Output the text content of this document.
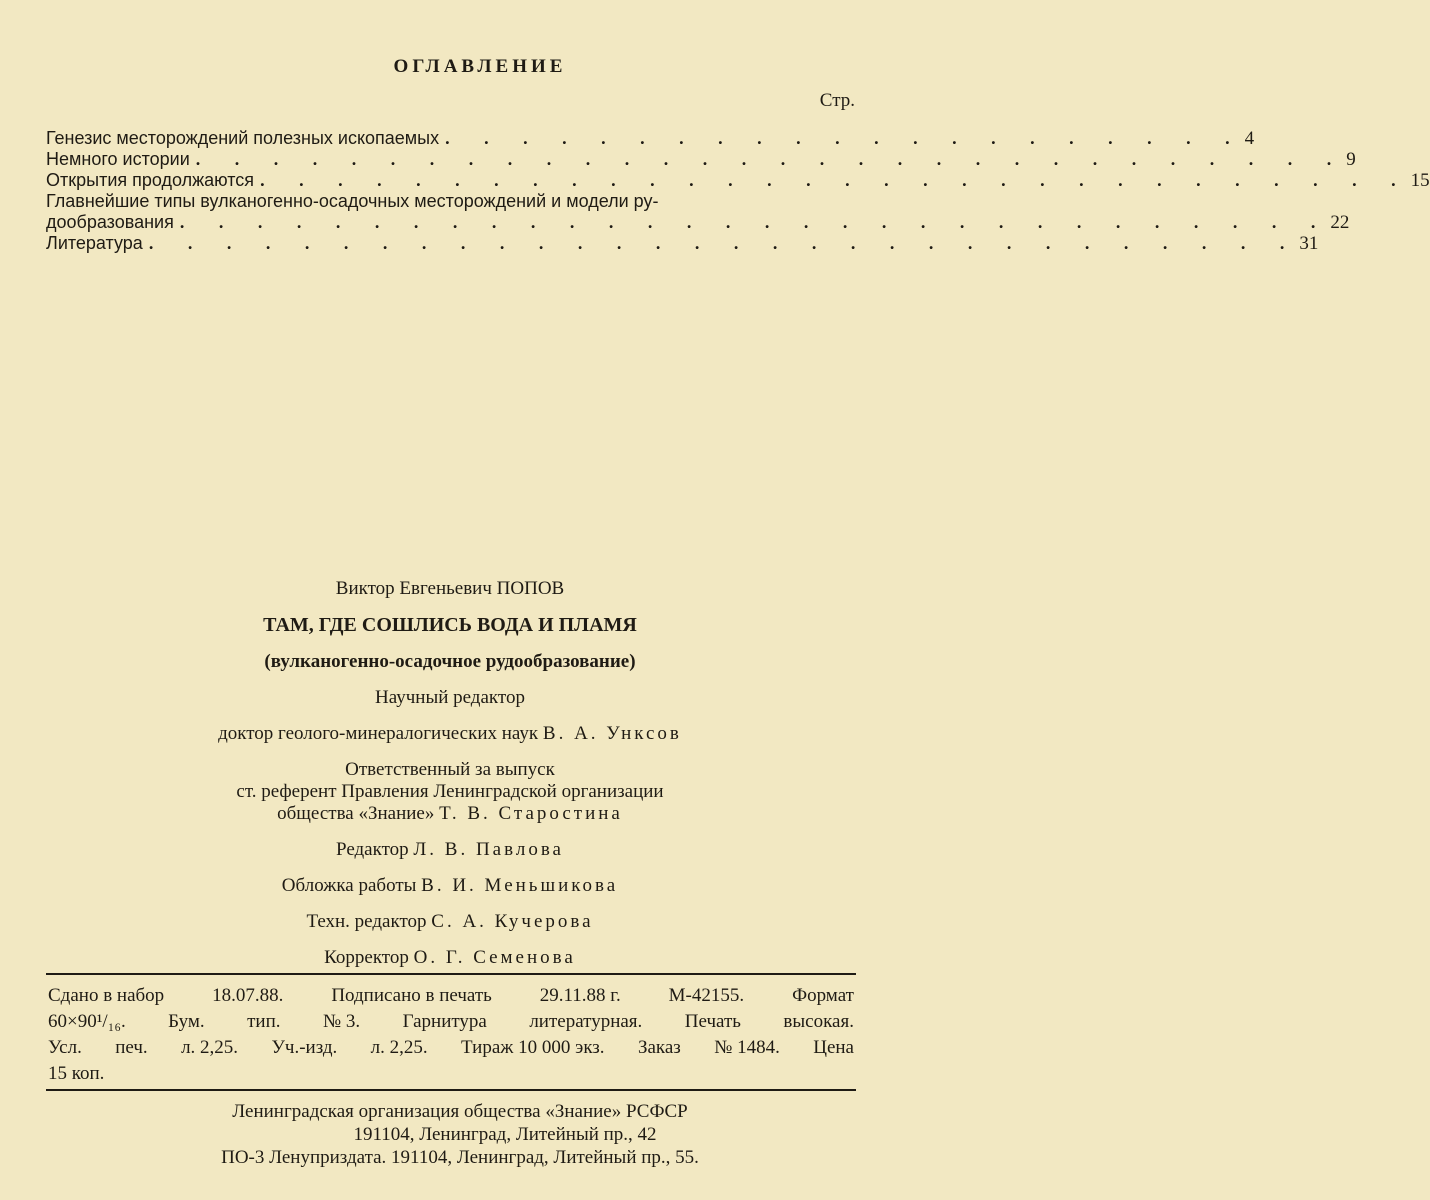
ОГЛАВЛЕНИЕ
Стр.
Генезис месторождений полезных ископаемых . . . . . . . . . . . . . . . . . . . . . 4
Немного истории . . . . . . . . . . . . . . . . . . . . . . . . . . . . . . 9
Открытия продолжаются . . . . . . . . . . . . . . . . . . . . . . . . . . . . . . 15
Главнейшие типы вулканогенно-осадочных месторождений и модели ру-
дообразования . . . . . . . . . . . . . . . . . . . . . . . . . . . . . . 22
Литература . . . . . . . . . . . . . . . . . . . . . . . . . . . . . . 31
Виктор Евгеньевич ПОПОВ
ТАМ, ГДЕ СОШЛИСЬ ВОДА И ПЛАМЯ
(вулканогенно-осадочное рудообразование)
Научный редактор
доктор геолого-минералогических наук В. А. Унксов
Ответственный за выпуск
ст. референт Правления Ленинградской организации
общества «Знание» Т. В. Старостина
Редактор Л. В. Павлова
Обложка работы В. И. Меньшикова
Техн. редактор С. А. Кучерова
Корректор О. Г. Семенова
Сдано в набор	18.07.88.	Подписано в печать	29.11.88 г.	М-42155.	Формат
60×90¹/₁₆. Бум. тип. № 3. Гарнитура литературная. Печать высокая.
Усл. печ. л. 2,25. Уч.-изд. л. 2,25. Тираж 10 000 экз. Заказ № 1484. Цена
15 коп.
Ленинградская организация общества «Знание» РСФСР
191104, Ленинград, Литейный пр., 42
ПО-3 Ленуприздата. 191104, Ленинград, Литейный пр., 55.
